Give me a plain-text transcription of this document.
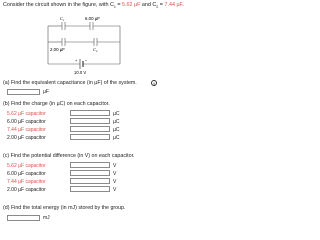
Consider the circuit shown in the figure, with $C_1 = 5.62$ µF and $C_2 = 7.44$ µF.
$C_1$	6.00 µF
2.00 µF	$C_2$
+ −
10.0 V
i
(a) Find the equivalent capacitance (in µF) of the system.
µF
(b) Find the charge (in µC) on each capacitor.
5.62 µF capacitor	µC
6.00 µF capacitor	µC
7.44 µF capacitor	µC
2.00 µF capacitor	µC
(c) Find the potential difference (in V) on each capacitor.
5.62 µF capacitor	V
6.00 µF capacitor	V
7.44 µF capacitor	V
2.00 µF capacitor	V
(d) Find the total energy (in mJ) stored by the group.
mJ
